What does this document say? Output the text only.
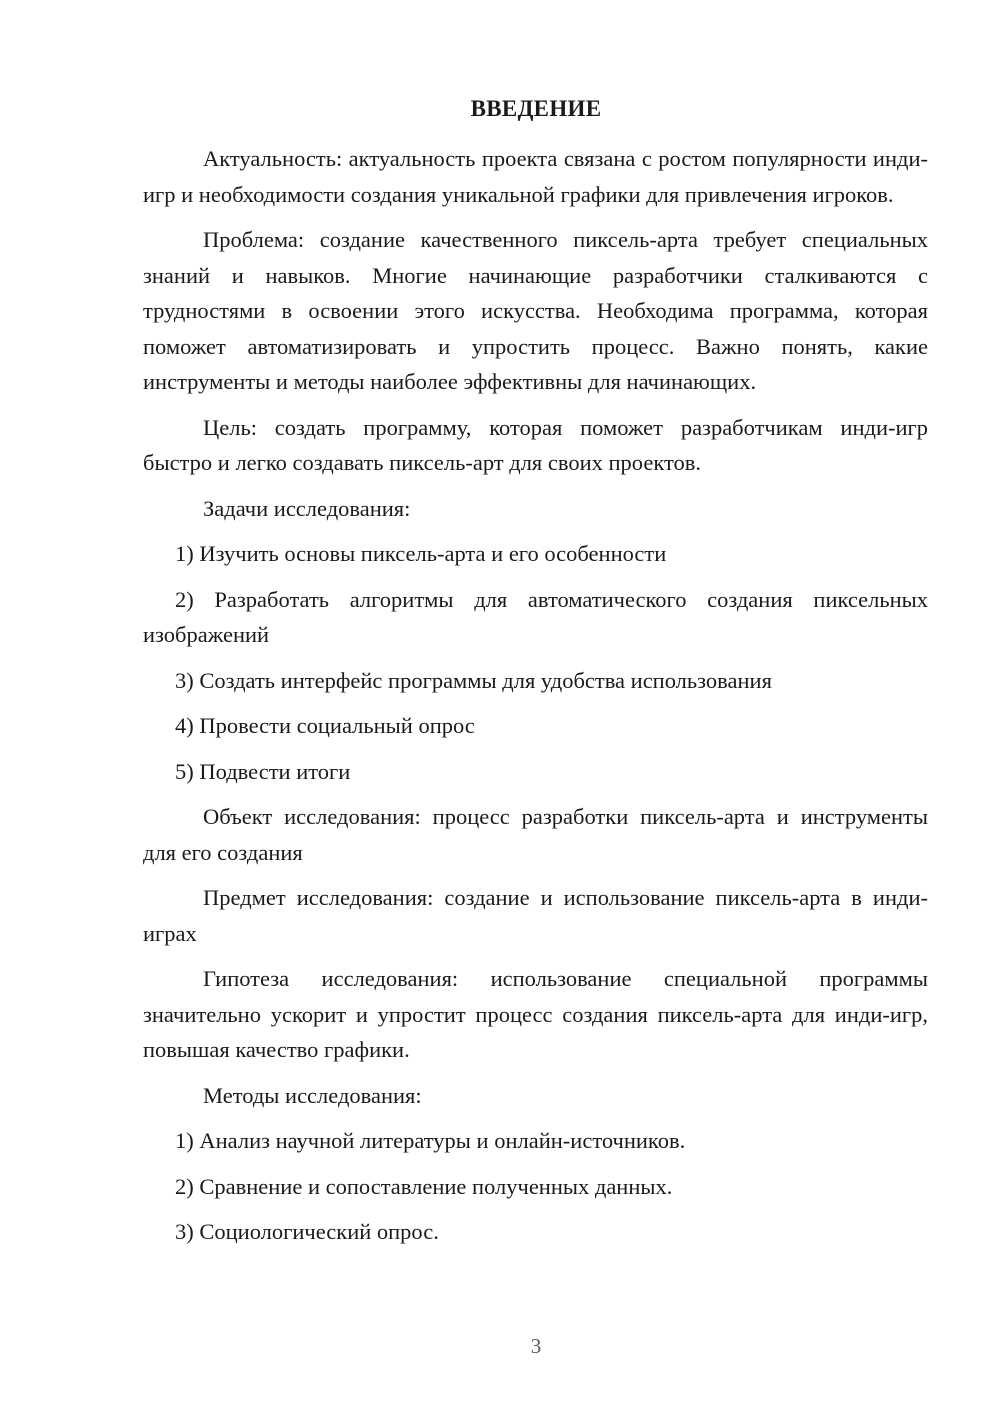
ВВЕДЕНИЕ

Актуальность: актуальность проекта связана с ростом популярности инди-игр и необходимости создания уникальной графики для привлечения игроков.

Проблема: создание качественного пиксель-арта требует специальных знаний и навыков. Многие начинающие разработчики сталкиваются с трудностями в освоении этого искусства. Необходима программа, которая поможет автоматизировать и упростить процесс. Важно понять, какие инструменты и методы наиболее эффективны для начинающих.

Цель: создать программу, которая поможет разработчикам инди-игр быстро и легко создавать пиксель-арт для своих проектов.

Задачи исследования:

1) Изучить основы пиксель-арта и его особенности

2) Разработать алгоритмы для автоматического создания пиксельных изображений

3) Создать интерфейс программы для удобства использования

4) Провести социальный опрос

5) Подвести итоги

Объект исследования: процесс разработки пиксель-арта и инструменты для его создания

Предмет исследования: создание и использование пиксель-арта в инди-играх

Гипотеза исследования: использование специальной программы значительно ускорит и упростит процесс создания пиксель-арта для инди-игр, повышая качество графики.

Методы исследования:

1) Анализ научной литературы и онлайн-источников.

2) Сравнение и сопоставление полученных данных.

3) Социологический опрос.

3
